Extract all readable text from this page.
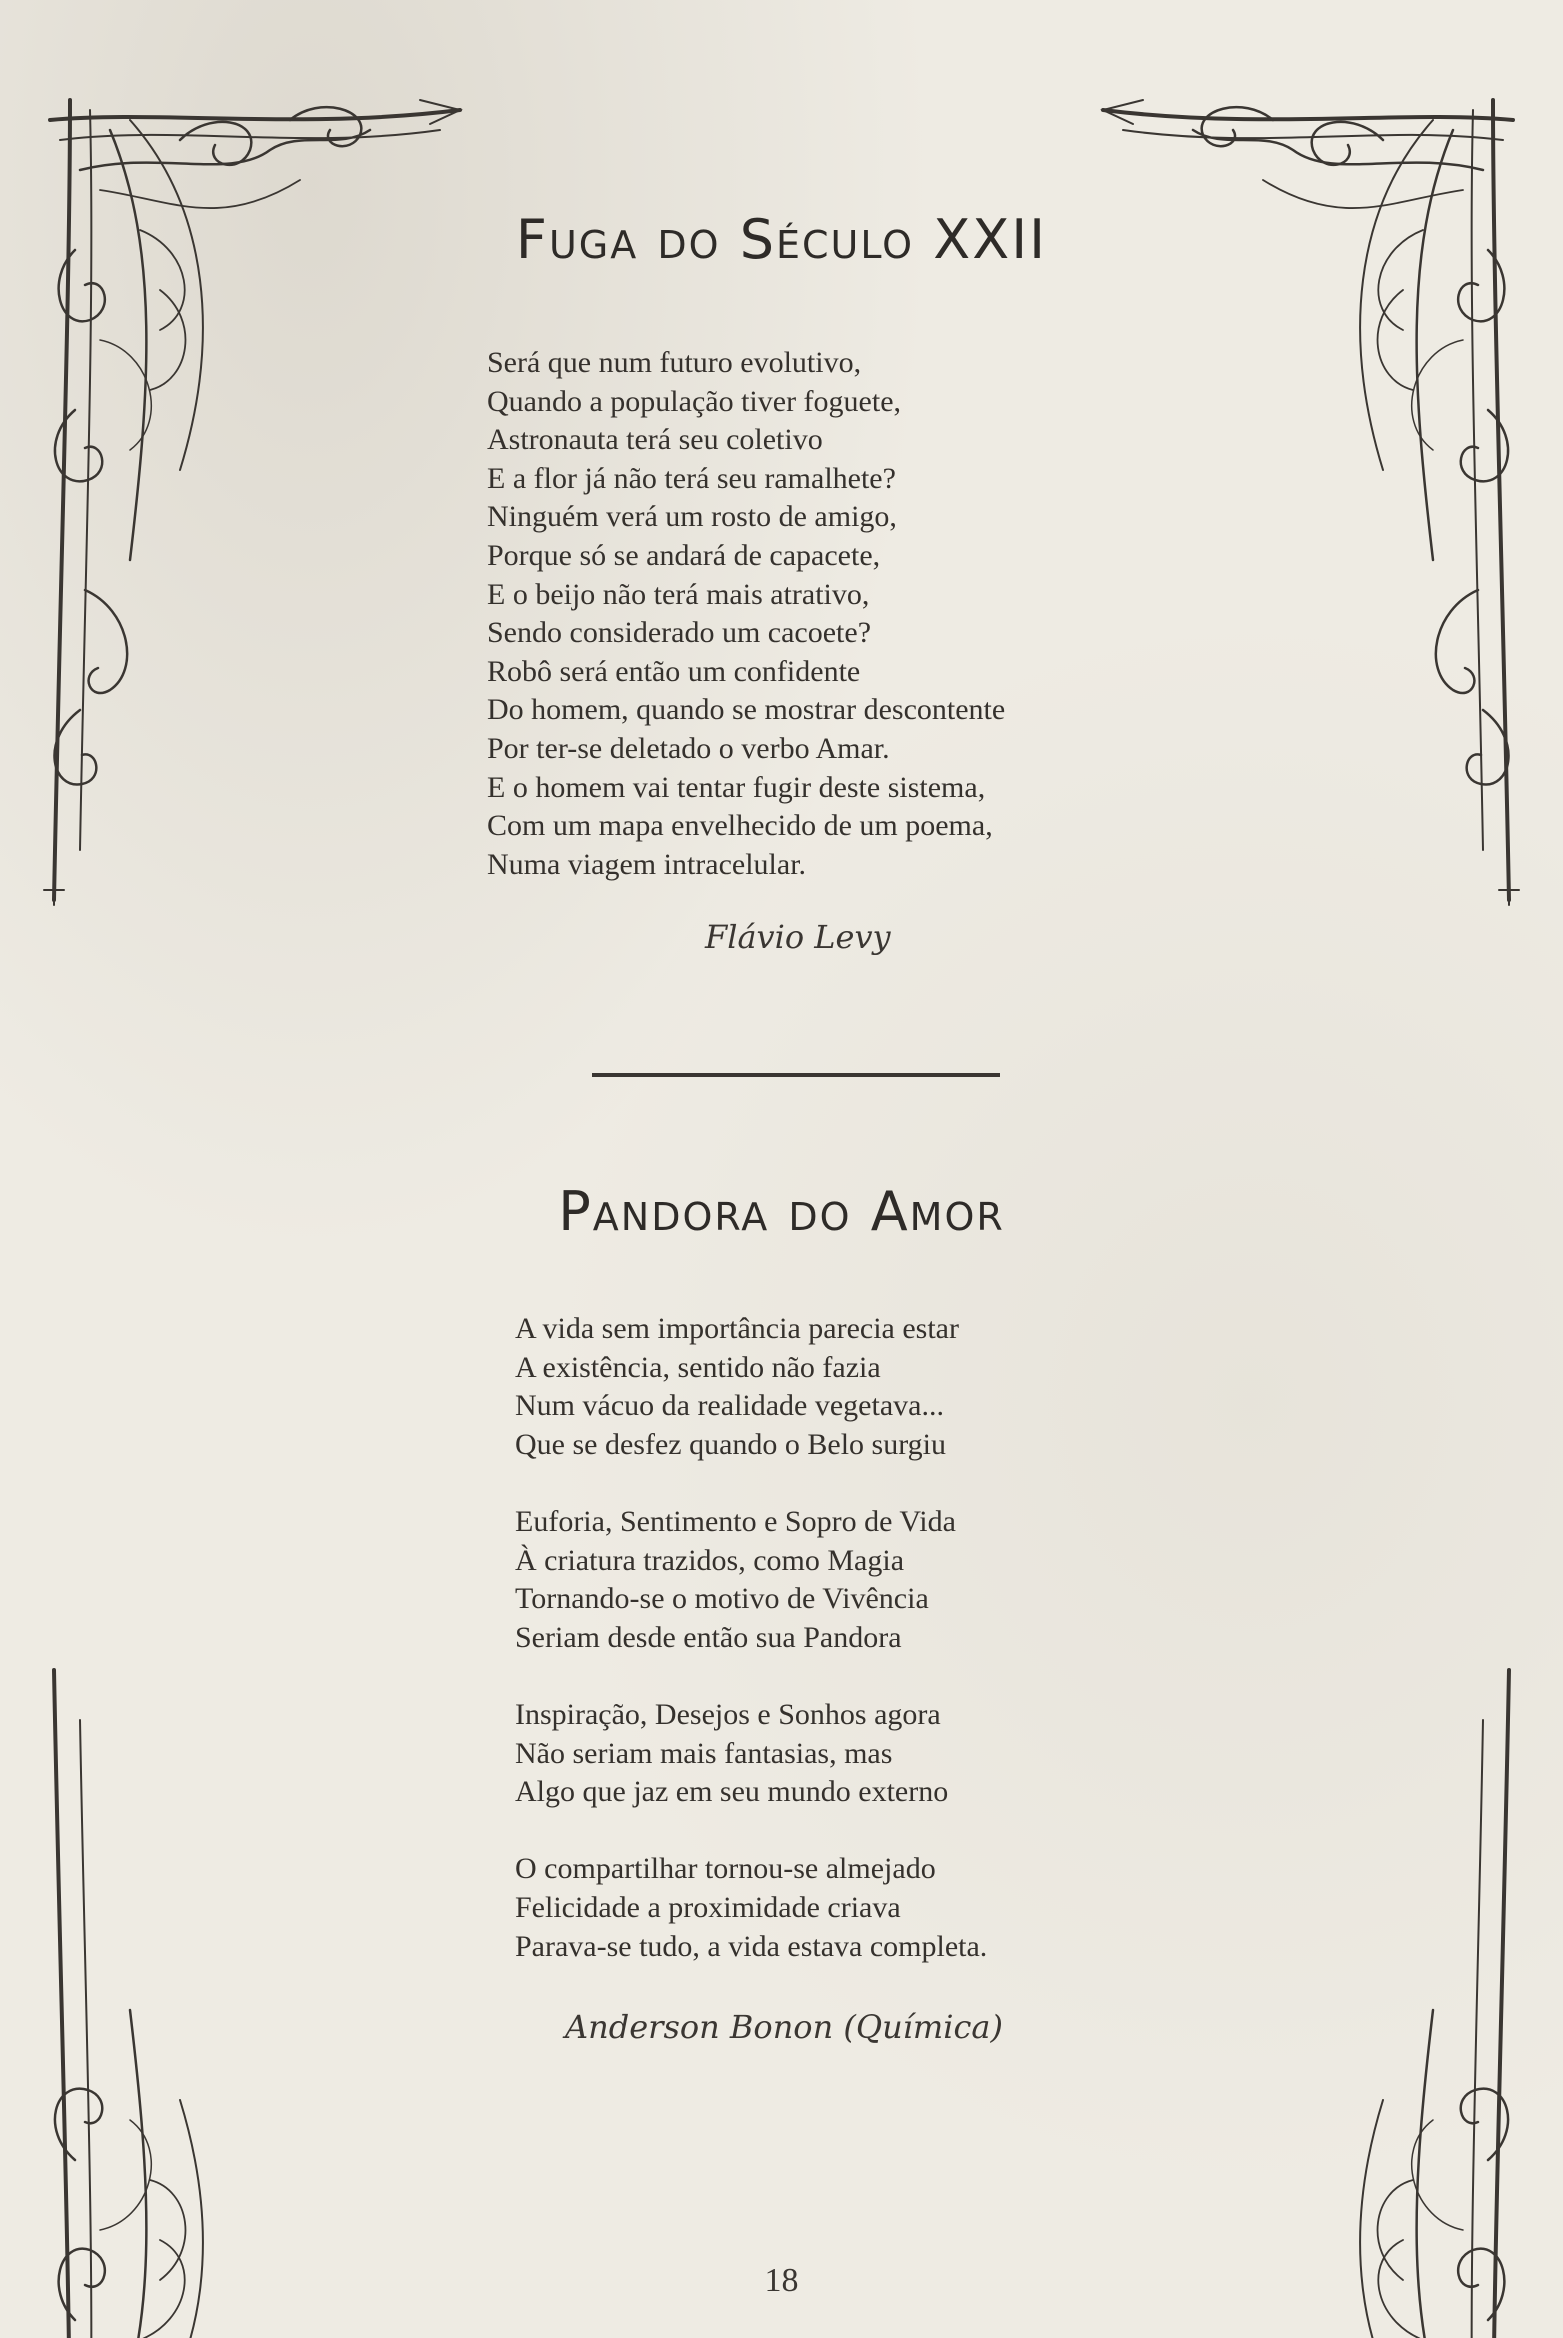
Fuga do Século XXII
Será que num futuro evolutivo,
Quando a população tiver foguete,
Astronauta terá seu coletivo
E a flor já não terá seu ramalhete?
Ninguém verá um rosto de amigo,
Porque só se andará de capacete,
E o beijo não terá mais atrativo,
Sendo considerado um cacoete?
Robô será então um confidente
Do homem, quando se mostrar descontente
Por ter-se deletado o verbo Amar.
E o homem vai tentar fugir deste sistema,
Com um mapa envelhecido de um poema,
Numa viagem intracelular.
Flávio Levy
Pandora do Amor
A vida sem importância parecia estar
A existência, sentido não fazia
Num vácuo da realidade vegetava...
Que se desfez quando o Belo surgiu
Euforia, Sentimento e Sopro de Vida
À criatura trazidos, como Magia
Tornando-se o motivo de Vivência
Seriam desde então sua Pandora
Inspiração, Desejos e Sonhos agora
Não seriam mais fantasias, mas
Algo que jaz em seu mundo externo
O compartilhar tornou-se almejado
Felicidade a proximidade criava
Parava-se tudo, a vida estava completa.
Anderson Bonon (Química)
18
